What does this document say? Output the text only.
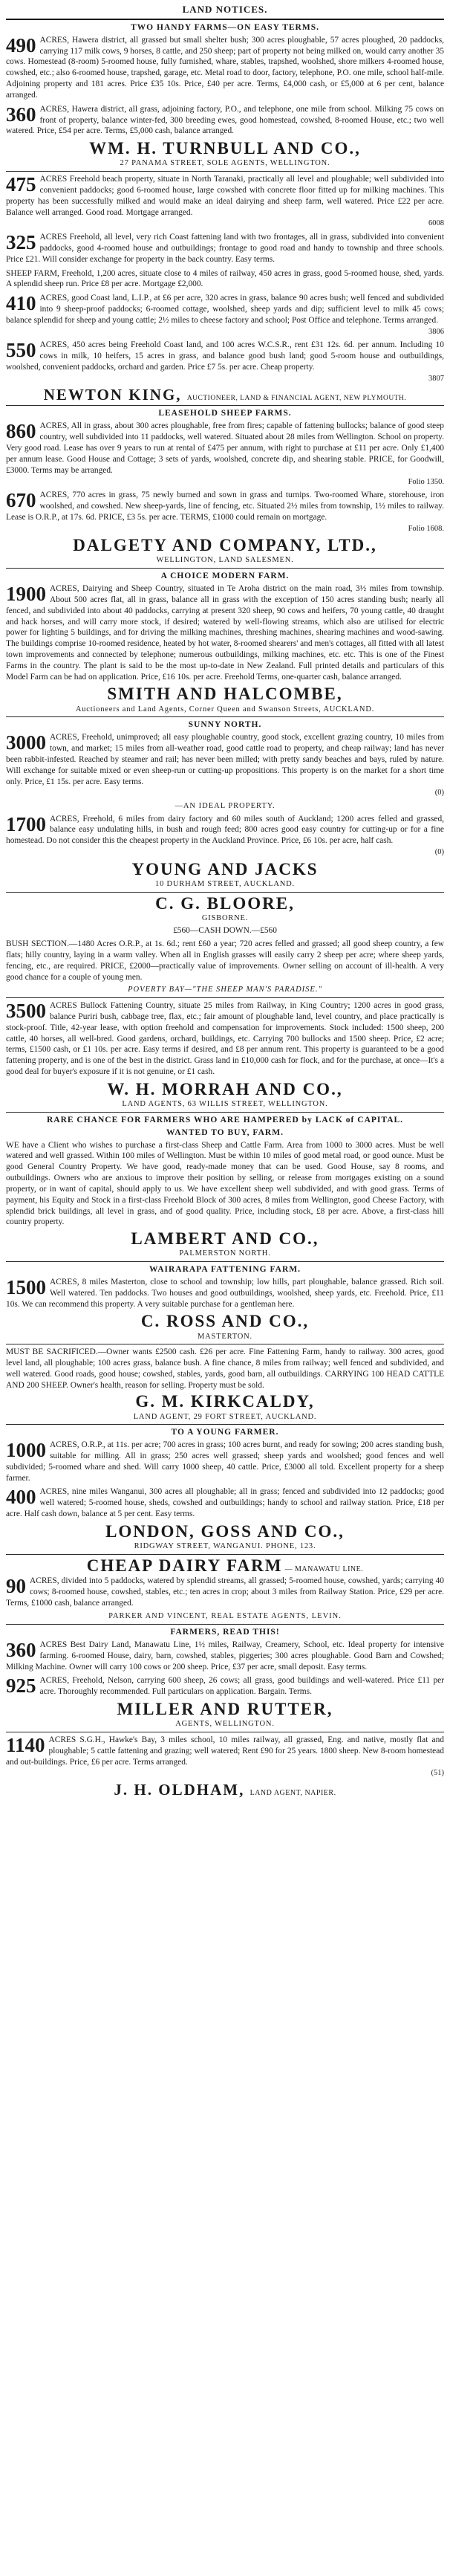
LAND NOTICES.
TWO HANDY FARMS—ON EASY TERMS.
490 ACRES, Hawera district, all grassed but small shelter bush; 300 acres ploughable, 57 acres ploughed, 20 paddocks, carrying 117 milk cows, 9 horses, 8 cattle, and 250 sheep; part of property not being milked on, would carry another 35 cows. Homestead (8-room) 5-roomed house, fully furnished, whare, stables, trapshed, woolshed, shore milkers 4-roomed house, cowshed, etc.; also 6-roomed house, trapshed, garage, etc. Metal road to door, factory, telephone, P.O. one mile, school half-mile. Adjoining property and 181 acres. Price £35 10s. Price, £40 per acre. Terms, £4,000 cash, or £5,000 at 6 per cent, balance arranged.
360 ACRES, Hawera district, all grass, adjoining factory, P.O., and telephone, one mile from school. Milking 75 cows on front of property, balance winter-fed, 300 breeding ewes, good homestead, cowshed, 8-roomed House, etc.; two well watered. Price, £54 per acre. Terms, £5,000 cash, balance arranged.
WM. H. TURNBULL AND CO.,
27 PANAMA STREET, SOLE AGENTS, WELLINGTON.
475 ACRES Freehold beach property, situate in North Taranaki, practically all level and ploughable; well subdivided into convenient paddocks; good 6-roomed house, large cowshed with concrete floor fitted up for milking machines. This property has been successfully milked and would make an ideal dairying and sheep farm, well watered. Price £22 per acre. Balance well arranged. Good road. Mortgage arranged.
6008
325 ACRES Freehold, all level, very rich Coast fattening land with two frontages, all in grass, subdivided into convenient paddocks, good 4-roomed house and outbuildings; frontage to good road and handy to township and three schools. Price £21. Will consider exchange for property in the back country. Easy terms.
SHEEP FARM, Freehold, 1,200 acres, situate close to 4 miles of railway, 450 acres in grass, good 5-roomed house, shed, yards. A splendid sheep run. Price £8 per acre. Mortgage £2,000.
410 ACRES, good Coast land, L.I.P., at £6 per acre, 320 acres in grass, balance 90 acres bush; well fenced and subdivided into 9 sheep-proof paddocks; 6-roomed cottage, woolshed, sheep yards and dip; sufficient level to milk 45 cows; balance splendid for sheep and young cattle; 2½ miles to cheese factory and school; Post Office and telephone. Terms arranged.
3806
550 ACRES, 450 acres being Freehold Coast land, and 100 acres W.C.S.R., rent £31 12s. 6d. per annum. Including 10 cows in milk, 10 heifers, 15 acres in grass, and balance good bush land; good 5-room house and outbuildings, woolshed, convenient paddocks, orchard and garden. Price £7 5s. per acre. Cheap property.
3807
NEWTON KING, AUCTIONEER, LAND & FINANCIAL AGENT, NEW PLYMOUTH.
LEASEHOLD SHEEP FARMS.
860 ACRES, All in grass, about 300 acres ploughable, free from fires; capable of fattening bullocks; balance of good steep country, well subdivided into 11 paddocks, well watered. Situated about 28 miles from Wellington. School on property. Very good road. Lease has over 9 years to run at rental of £475 per annum, with right to purchase at £11 per acre. Only £1,400 per annum lease. Good House and Cottage; 3 sets of yards, woolshed, concrete dip, and shearing stable. PRICE, for Goodwill, £3000. Terms may be arranged.
Folio 1350.
670 ACRES, 770 acres in grass, 75 newly burned and sown in grass and turnips. Two-roomed Whare, storehouse, iron woolshed, and cowshed. New sheep-yards, line of fencing, etc. Situated 2½ miles from township, 1½ miles to railway. Lease is O.R.P., at 17s. 6d. PRICE, £3 5s. per acre. TERMS, £1000 could remain on mortgage.
Folio 1608.
DALGETY AND COMPANY, LTD.,
WELLINGTON, LAND SALESMEN.
A CHOICE MODERN FARM.
1900 ACRES, Dairying and Sheep Country, situated in Te Aroha district on the main road, 3½ miles from township. About 500 acres flat, all in grass, balance all in grass with the exception of 150 acres standing bush; nearly all fenced, and subdivided into about 40 paddocks, carrying at present 320 sheep, 90 cows and heifers, 70 young cattle, 40 draught and hack horses, and will carry more stock, if desired; watered by well-flowing streams, which also are utilised for electric power for lighting 5 buildings, and for driving the milking machines, threshing machines, shearing machines and wood-sawing. The buildings comprise 10-roomed residence, heated by hot water, 8-roomed shearers' and men's cottages, all fitted with all latest town improvements and connected by telephone; numerous outbuildings, milking machines, etc. etc. This is one of the Finest Farms in the country. The plant is said to be the most up-to-date in New Zealand. Full printed details and particulars of this Model Farm can be had on application. Price, £16 10s. per acre. Freehold Terms, one-quarter cash, balance arranged.
SMITH AND HALCOMBE,
Auctioneers and Land Agents, Corner Queen and Swanson Streets, AUCKLAND.
SUNNY NORTH.
3000 ACRES, Freehold, unimproved; all easy ploughable country, good stock, excellent grazing country, 10 miles from town, and market; 15 miles from all-weather road, good cattle road to property, and cheap railway; land has never been rabbit-infested. Reached by steamer and rail; has never been milled; with pretty sandy beaches and bays, ruled by nature. Will exchange for suitable mixed or even sheep-run or cutting-up propositions. This property is on the market for a short time only. Price, £1 15s. per acre. Easy terms.
(0)
—AN IDEAL PROPERTY.
1700 ACRES, Freehold, 6 miles from dairy factory and 60 miles south of Auckland; 1200 acres felled and grassed, balance easy undulating hills, in bush and rough feed; 800 acres good easy country for cutting-up or for a fine homestead. Do not consider this the cheapest property in the Auckland Province. Price, £6 10s. per acre, half cash.
(0)
YOUNG AND JACKS
10 DURHAM STREET, AUCKLAND.
C. G. BLOORE,
GISBORNE.
£560—CASH DOWN.—£560
BUSH SECTION.—1480 Acres O.R.P., at 1s. 6d.; rent £60 a year; 720 acres felled and grassed; all good sheep country, a few flats; hilly country, laying in a warm valley. When all in English grasses will easily carry 2 sheep per acre; where sheep yards, fencing, etc., are required. PRICE, £2000—practically value of improvements. Owner selling on account of ill-health. A very good chance for a couple of young men.
POVERTY BAY—"THE SHEEP MAN'S PARADISE."
3500 ACRES Bullock Fattening Country, situate 25 miles from Railway, in King Country; 1200 acres in good grass, balance Puriri bush, cabbage tree, flax, etc.; fair amount of ploughable land, level country, and place practically is stock-proof. Title, 42-year lease, with option freehold and compensation for improvements. Stock included: 1500 sheep, 200 cattle, 40 horses, all well-bred. Good gardens, orchard, buildings, etc. Carrying 700 bullocks and 1500 sheep. Price, £2 acre; terms, £1500 cash, or £1 10s. per acre. Easy terms if desired, and £8 per annum rent. This property is guaranteed to be a good fattening property, and is one of the best in the district. Grass land in £10,000 cash for flock, and for the purchase, at once—It's a good deal for buyer's exposure if it is not genuine, or £1 cash.
W. H. MORRAH AND CO.,
LAND AGENTS, 63 WILLIS STREET, WELLINGTON.
RARE CHANCE FOR FARMERS WHO ARE HAMPERED by LACK of CAPITAL.
WANTED TO BUY, FARM.
WE have a Client who wishes to purchase a first-class Sheep and Cattle Farm. Area from 1000 to 3000 acres. Must be well watered and well grassed. Within 100 miles of Wellington. Must be within 10 miles of good metal road, or good ounce. Must be good General Country Property. We have good, ready-made money that can be used. Good House, say 8 rooms, and outbuildings. Owners who are anxious to improve their position by selling, or release from mortgages existing on a sound property, or in want of capital, should apply to us. We have excellent sheep well subdivided, and with good grass. Terms of payment, his Equity and Stock in a first-class Freehold Block of 300 acres, 8 miles from Wellington, good Cheese Factory, with splendid brick buildings, all level in grass, and of good quality. Price, including stock, £8 per acre. Above, a first-class hill country property.
LAMBERT AND CO.,
PALMERSTON NORTH.
WAIRARAPA FATTENING FARM.
1500 ACRES, 8 miles Masterton, close to school and township; low hills, part ploughable, balance grassed. Rich soil. Well watered. Ten paddocks. Two houses and good outbuildings, woolshed, sheep yards, etc. Freehold. Price, £11 10s. We can recommend this property. A very suitable purchase for a gentleman here.
C. ROSS AND CO.,
MASTERTON.
MUST BE SACRIFICED.—Owner wants £2500 cash. £26 per acre. Fine Fattening Farm, handy to railway. 300 acres, good level land, all ploughable; 100 acres grass, balance bush. A fine chance, 8 miles from railway; well fenced and subdivided, and well watered. Good roads, good house; cowshed, stables, yards, good barn, all outbuildings. CARRYING 100 HEAD CATTLE AND 200 SHEEP. Owner's health, reason for selling. Property must be sold.
G. M. KIRKCALDY,
LAND AGENT, 29 FORT STREET, AUCKLAND.
TO A YOUNG FARMER.
1000 ACRES, O.R.P., at 11s. per acre; 700 acres in grass; 100 acres burnt, and ready for sowing; 200 acres standing bush, suitable for milling. All in grass; 250 acres well grassed; sheep yards and woolshed; good fences and well subdivided; 5-roomed whare and shed. Will carry 1000 sheep, 40 cattle. Price, £3000 all told. Excellent property for a sheep farmer.
400 ACRES, nine miles Wanganui, 300 acres all ploughable; all in grass; fenced and subdivided into 12 paddocks; good well watered; 5-roomed house, sheds, cowshed and outbuildings; handy to school and railway station. Price, £18 per acre. Half cash down, balance at 5 per cent. Easy terms.
LONDON, GOSS AND CO.,
RIDGWAY STREET, WANGANUI. PHONE, 123.
CHEAP DAIRY FARM — MANAWATU LINE.
90 ACRES, divided into 5 paddocks, watered by splendid streams, all grassed; 5-roomed house, cowshed, yards; carrying 40 cows; 8-roomed house, cowshed, stables, etc.; ten acres in crop; about 3 miles from Railway Station. Price, £29 per acre. Terms, £1000 cash, balance arranged.
PARKER AND VINCENT, REAL ESTATE AGENTS, LEVIN.
FARMERS, READ THIS!
360 ACRES Best Dairy Land, Manawatu Line, 1½ miles, Railway, Creamery, School, etc. Ideal property for intensive farming. 6-roomed House, dairy, barn, cowshed, stables, piggeries; 300 acres ploughable. Good Barn and Cowshed; Milking Machine. Owner will carry 100 cows or 200 sheep. Price, £37 per acre, small deposit. Easy terms.
925 ACRES, Freehold, Nelson, carrying 600 sheep, 26 cows; all grass, good buildings and well-watered. Price £11 per acre. Thoroughly recommended. Full particulars on application. Bargain. Terms.
MILLER AND RUTTER,
AGENTS, WELLINGTON.
1140 ACRES S.G.H., Hawke's Bay, 3 miles school, 10 miles railway, all grassed, Eng. and native, mostly flat and ploughable; 5 cattle fattening and grazing; well watered; Rent £90 for 25 years. 1800 sheep. New 8-room homestead and out-buildings. Price, £6 per acre. Terms arranged.
(51)
J. H. OLDHAM, LAND AGENT, NAPIER.
